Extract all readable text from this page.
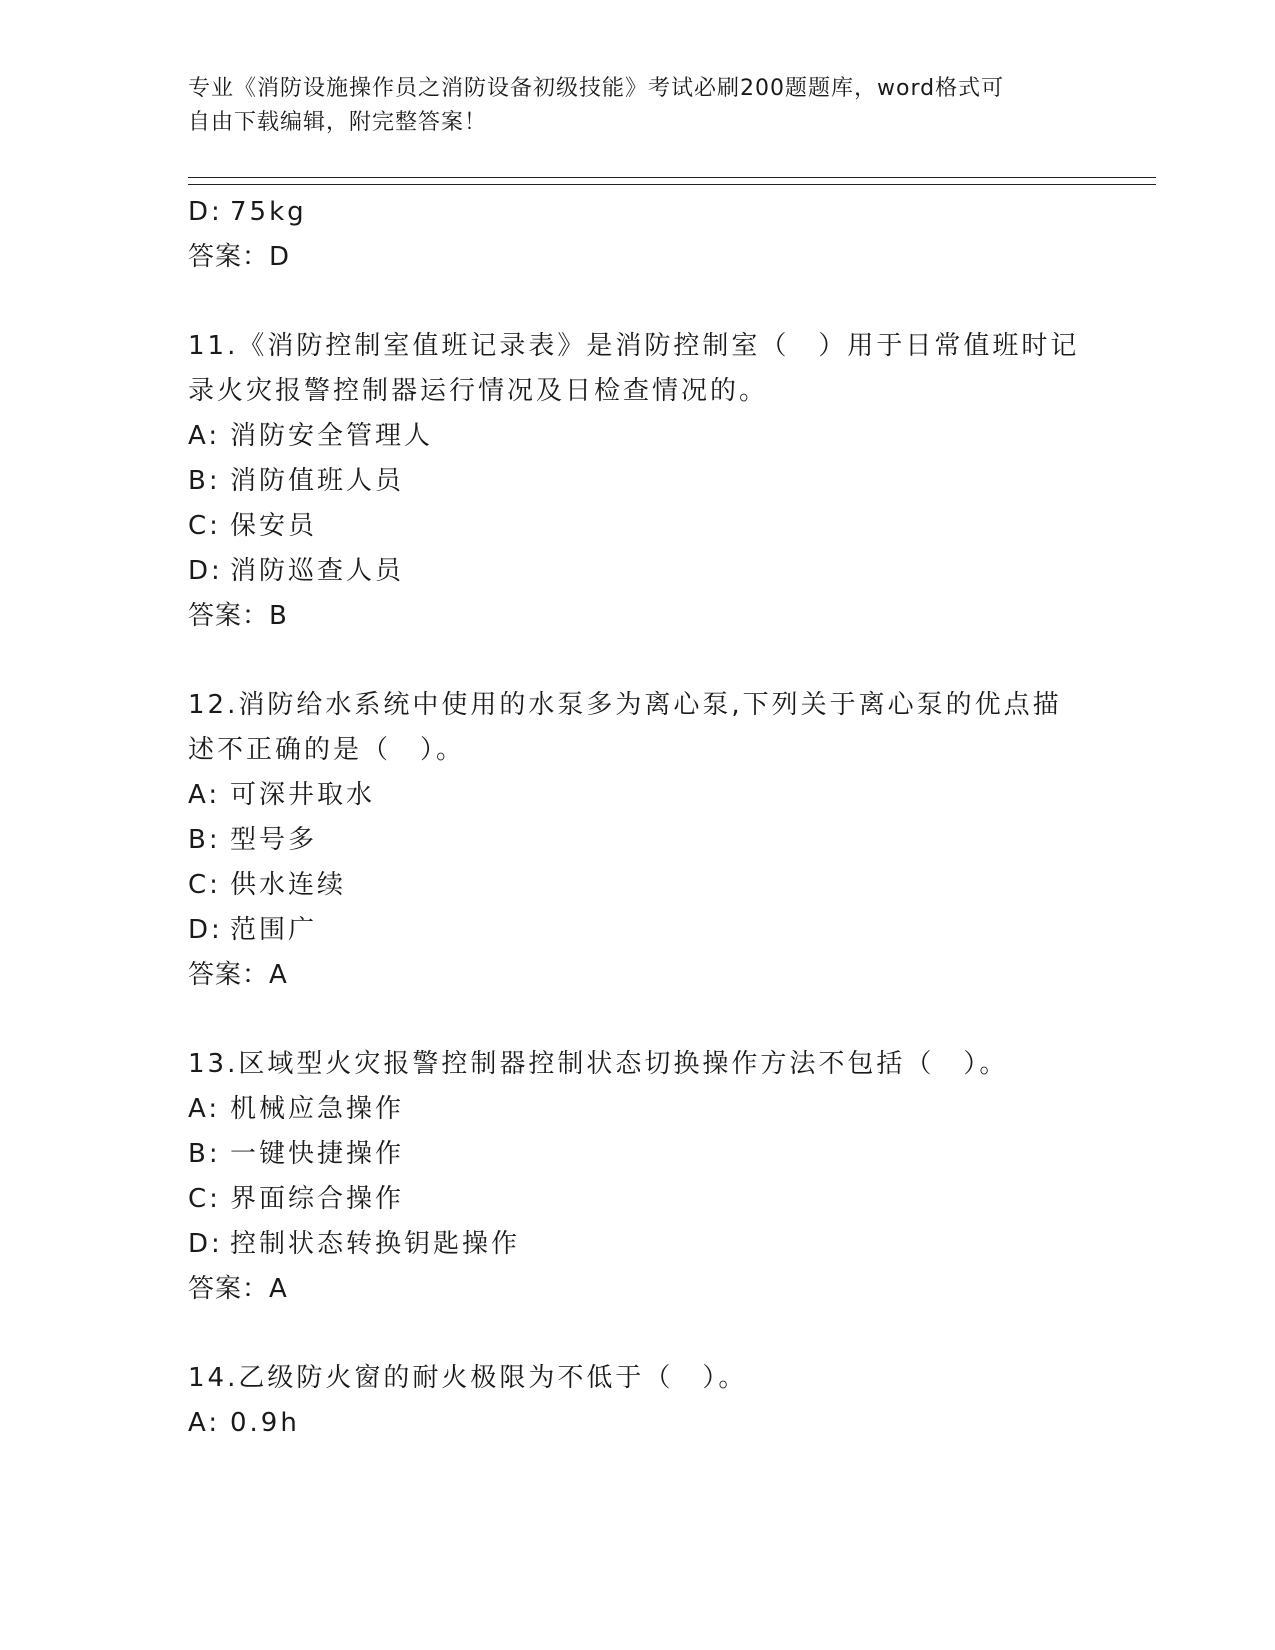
专业《消防设施操作员之消防设备初级技能》考试必刷200题题库，word格式可
自由下载编辑，附完整答案！
D: 75kg
答案：D
11.《消防控制室值班记录表》是消防控制室（　）用于日常值班时记
录火灾报警控制器运行情况及日检查情况的。
A: 消防安全管理人
B: 消防值班人员
C: 保安员
D: 消防巡查人员
答案：B
12.消防给水系统中使用的水泵多为离心泵,下列关于离心泵的优点描
述不正确的是（　）。
A: 可深井取水
B: 型号多
C: 供水连续
D: 范围广
答案：A
13.区域型火灾报警控制器控制状态切换操作方法不包括（　）。
A: 机械应急操作
B: 一键快捷操作
C: 界面综合操作
D: 控制状态转换钥匙操作
答案：A
14.乙级防火窗的耐火极限为不低于（　）。
A: 0.9h
